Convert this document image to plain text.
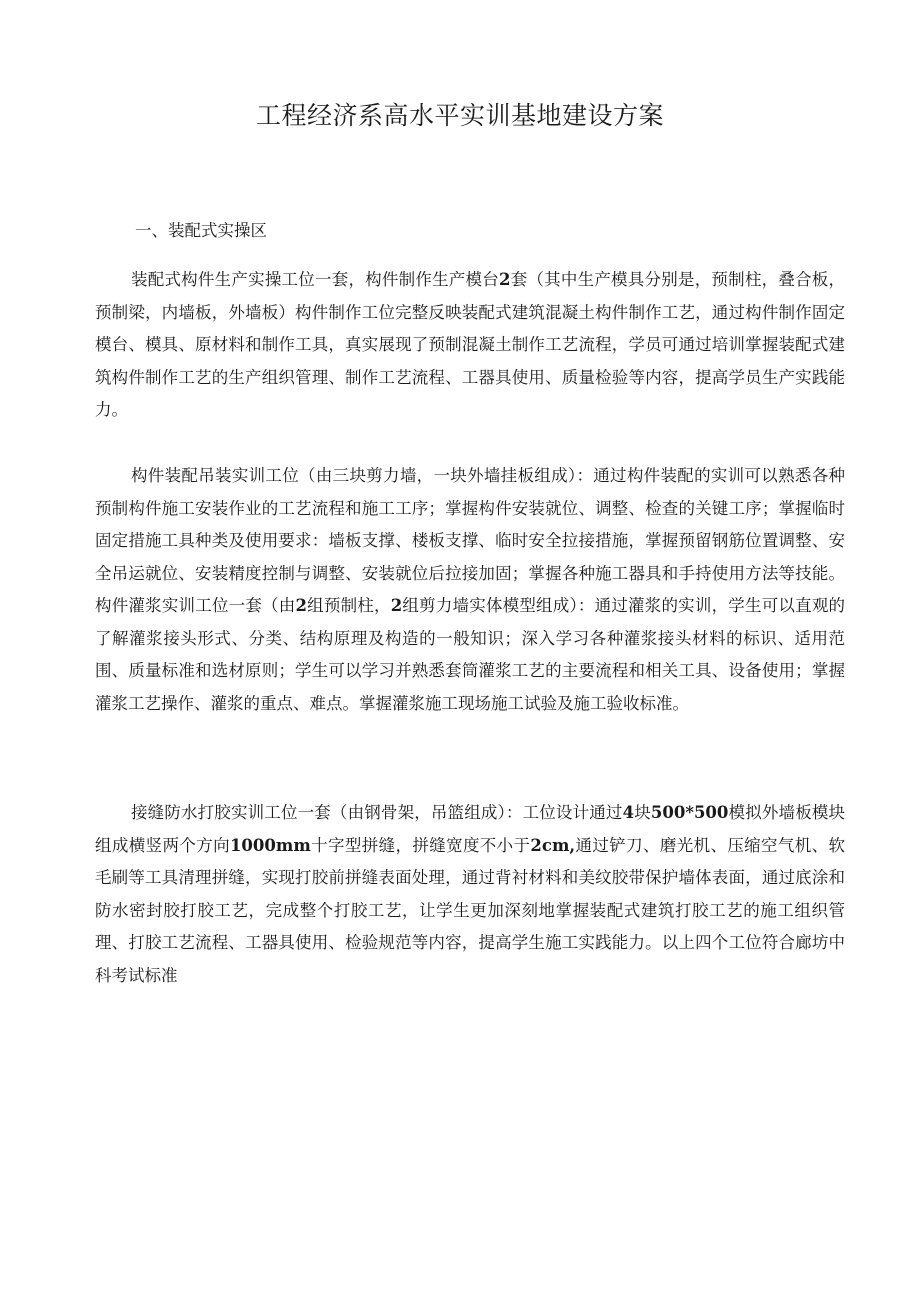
工程经济系高水平实训基地建设方案
一、装配式实操区

装配式构件生产实操工位一套，构件制作生产模台2套（其中生产模具分别是，预制柱，叠合板，预制梁，内墙板，外墙板）构件制作工位完整反映装配式建筑混凝土构件制作工艺，通过构件制作固定模台、模具、原材料和制作工具，真实展现了预制混凝土制作工艺流程，学员可通过培训掌握装配式建筑构件制作工艺的生产组织管理、制作工艺流程、工器具使用、质量检验等内容，提高学员生产实践能力。

构件装配吊装实训工位（由三块剪力墙，一块外墙挂板组成）：通过构件装配的实训可以熟悉各种预制构件施工安装作业的工艺流程和施工工序；掌握构件安装就位、调整、检查的关键工序；掌握临时固定措施工具种类及使用要求：墙板支撑、楼板支撑、临时安全拉接措施，掌握预留钢筋位置调整、安全吊运就位、安装精度控制与调整、安装就位后拉接加固；掌握各种施工器具和手持使用方法等技能。构件灌浆实训工位一套（由2组预制柱，2组剪力墙实体模型组成）：通过灌浆的实训，学生可以直观的了解灌浆接头形式、分类、结构原理及构造的一般知识；深入学习各种灌浆接头材料的标识、适用范围、质量标准和选材原则；学生可以学习并熟悉套筒灌浆工艺的主要流程和相关工具、设备使用；掌握灌浆工艺操作、灌浆的重点、难点。掌握灌浆施工现场施工试验及施工验收标准。

接缝防水打胶实训工位一套（由钢骨架，吊篮组成）：工位设计通过4块500*500模拟外墙板模块组成横竖两个方向1000mm十字型拼缝，拼缝宽度不小于2cm,通过铲刀、磨光机、压缩空气机、软毛刷等工具清理拼缝，实现打胶前拼缝表面处理，通过背衬材料和美纹胶带保护墙体表面，通过底涂和防水密封胶打胶工艺，完成整个打胶工艺，让学生更加深刻地掌握装配式建筑打胶工艺的施工组织管理、打胶工艺流程、工器具使用、检验规范等内容，提高学生施工实践能力。以上四个工位符合廊坊中科考试标准
